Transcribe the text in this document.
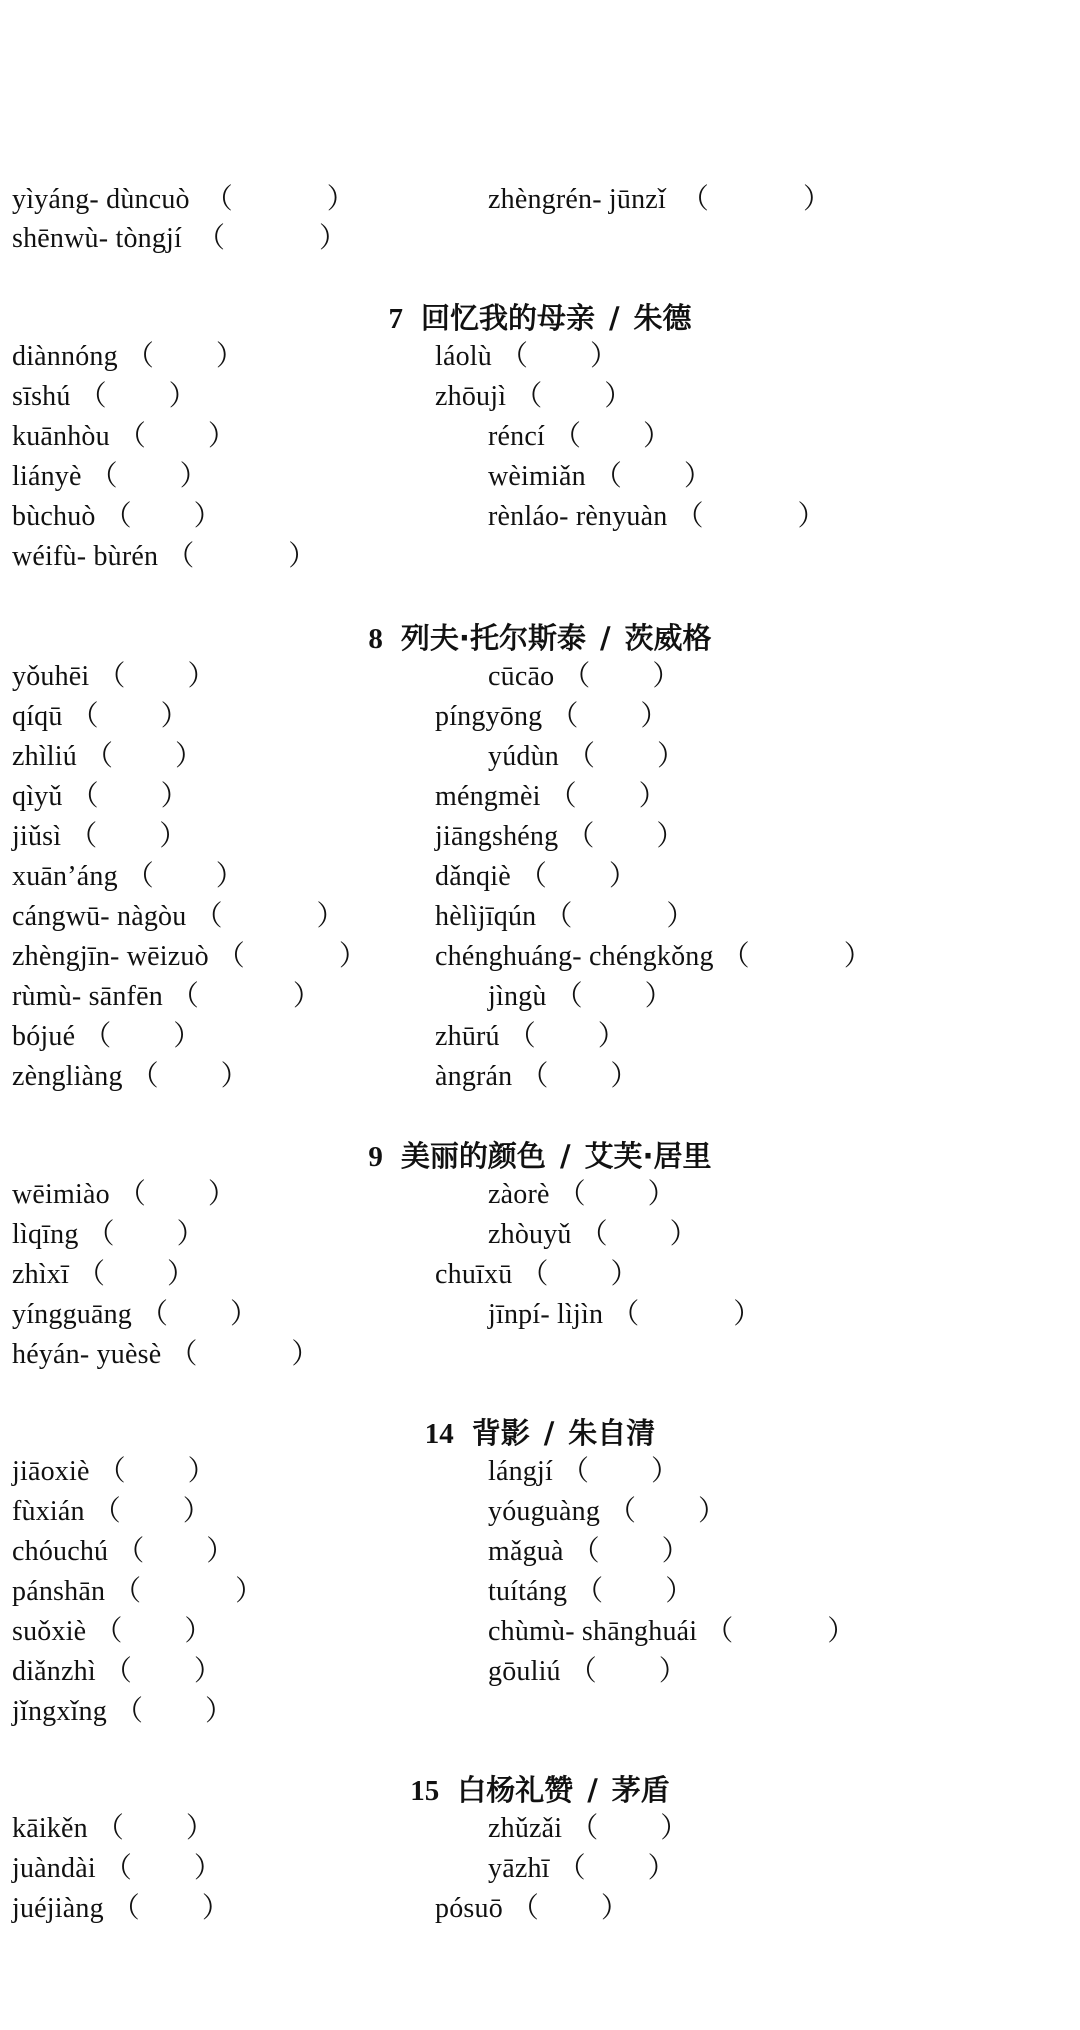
yìyáng- dùncuò （	）	zhèngrén- jūnzǐ （	）
shēnwù- tòngjí （	）
7 回忆我的母亲 / 朱德
diànnóng （ ）	láolù （ ）
sīshú （ ）	zhōujì （ ）
kuānhòu （ ）	réncí （ ）
liányè （ ）	wèimiǎn （ ）
bùchuò （ ）	rènláo- rènyuàn （	）
wéifù- bùrén （	）
8 列夫·托尔斯泰 / 茨威格
yǒuhēi （ ）	cūcāo （ ）
qíqū （ ）	píngyōng （ ）
zhìliú （ ）	yúdùn （ ）
qìyǔ （ ）	méngmèi （ ）
jiǔsì （ ）	jiāngshéng （ ）
xuān’áng （ ）	dǎnqiè （ ）
cángwū- nàgòu （	）	hèlìjīqún （	）
zhèngjīn- wēizuò （	） chénghuáng- chéngkǒng （	）
rùmù- sānfēn （	）	jìngù （ ）
bójué （ ）	zhūrú （ ）
zèngliàng （ ）	àngrán （ ）
9 美丽的颜色 / 艾芙·居里
wēimiào （ ）	zàorè （ ）
lìqīng （ ）	zhòuyǔ （ ）
zhìxī （ ）	chuīxū （ ）
yíngguāng （ ）	jīnpí- lìjìn （	）
héyán- yuèsè （	）
14 背影 / 朱自清
jiāoxiè （ ）	lángjí （ ）
fùxián （ ）	yóuguàng （ ）
chóuchú （ ）	mǎguà （ ）
pánshān （	）	tuítáng （ ）
suǒxiè （ ）	chùmù- shānghuái （	）
diǎnzhì （ ）	gōuliú （ ）
jǐngxǐng （ ）
15 白杨礼赞 / 茅盾
kāikěn （ ）	zhǔzǎi （ ）
juàndài （ ）	yāzhī （ ）
juéjiàng （ ）	pósuō （ ）
